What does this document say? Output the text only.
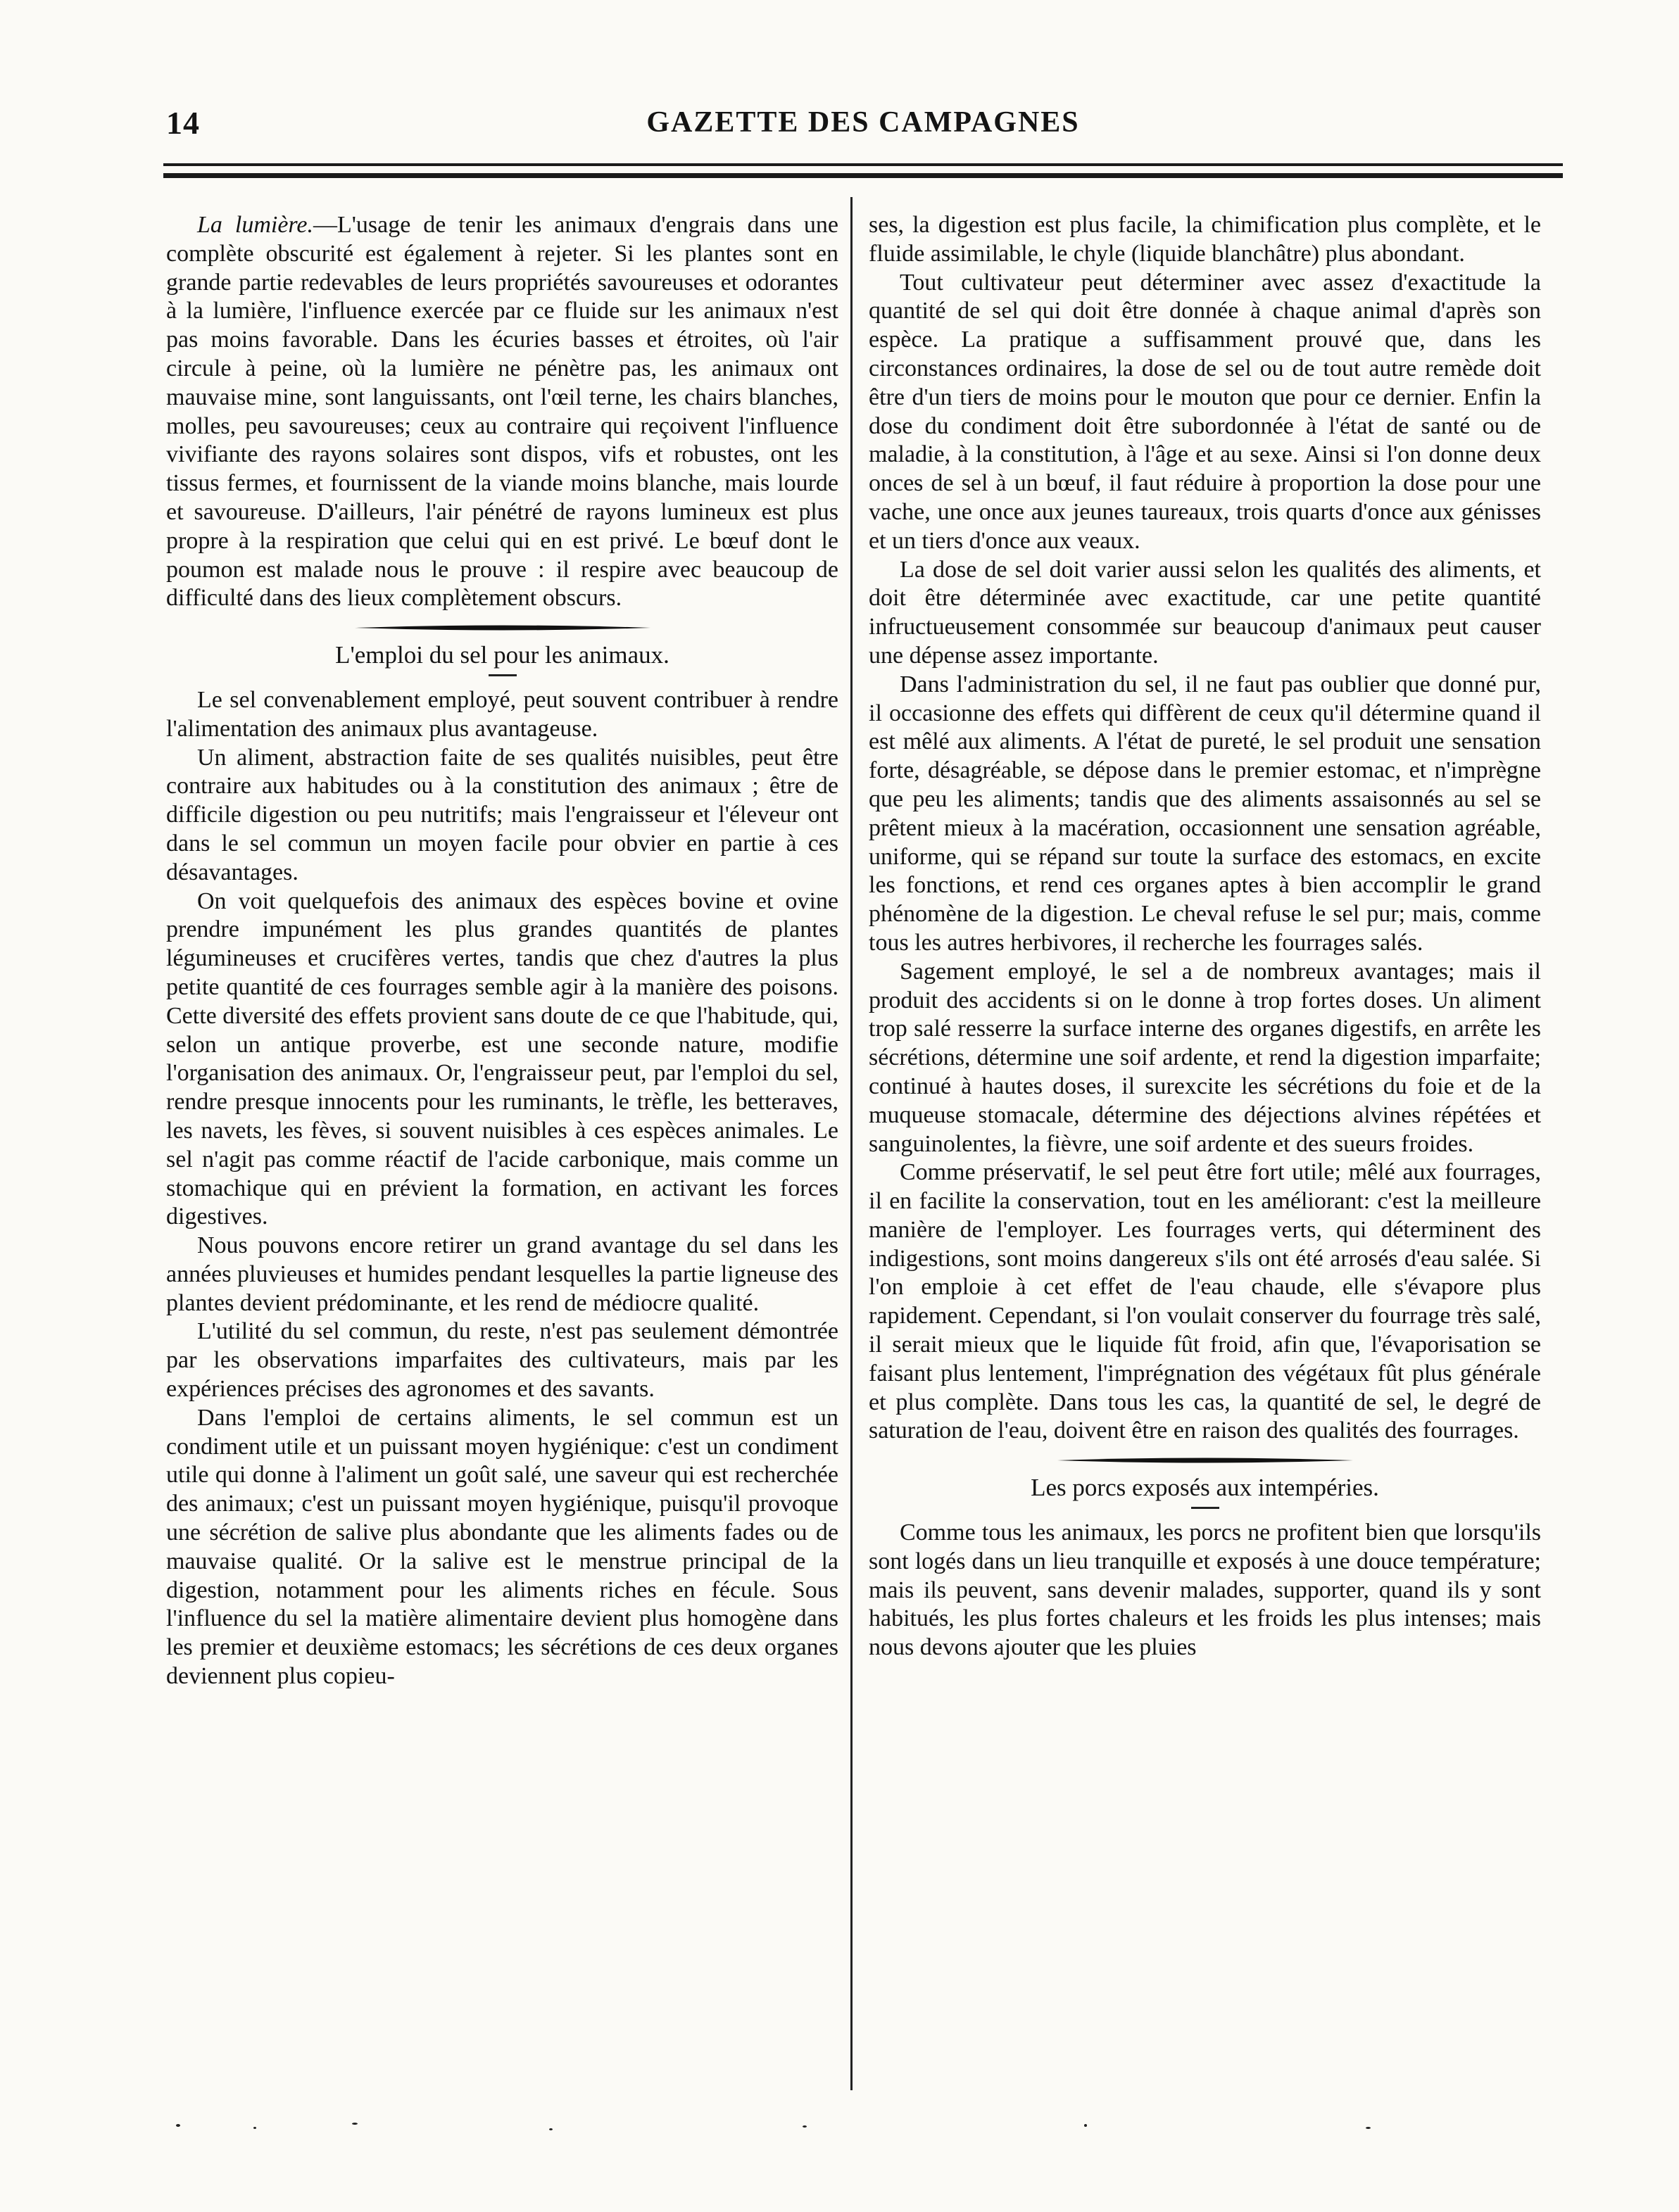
14	GAZETTE DES CAMPAGNES

La lumière.—L'usage de tenir les animaux d'engrais dans une complète obscurité est également à rejeter. Si les plantes sont en grande partie redevables de leurs propriétés savoureuses et odorantes à la lumière, l'influence exercée par ce fluide sur les animaux n'est pas moins favorable. Dans les écuries basses et étroites, où l'air circule à peine, où la lumière ne pénètre pas, les animaux ont mauvaise mine, sont languissants, ont l'œil terne, les chairs blanches, molles, peu savoureuses; ceux au contraire qui reçoivent l'influence vivifiante des rayons solaires sont dispos, vifs et robustes, ont les tissus fermes, et fournissent de la viande moins blanche, mais lourde et savoureuse. D'ailleurs, l'air pénétré de rayons lumineux est plus propre à la respiration que celui qui en est privé. Le bœuf dont le poumon est malade nous le prouve : il respire avec beaucoup de difficulté dans des lieux complètement obscurs.

L'emploi du sel pour les animaux.

Le sel convenablement employé, peut souvent contribuer à rendre l'alimentation des animaux plus avantageuse.

Un aliment, abstraction faite de ses qualités nuisibles, peut être contraire aux habitudes ou à la constitution des animaux ; être de difficile digestion ou peu nutritifs; mais l'engraisseur et l'éleveur ont dans le sel commun un moyen facile pour obvier en partie à ces désavantages.

On voit quelquefois des animaux des espèces bovine et ovine prendre impunément les plus grandes quantités de plantes légumineuses et crucifères vertes, tandis que chez d'autres la plus petite quantité de ces fourrages semble agir à la manière des poisons. Cette diversité des effets provient sans doute de ce que l'habitude, qui, selon un antique proverbe, est une seconde nature, modifie l'organisation des animaux. Or, l'engraisseur peut, par l'emploi du sel, rendre presque innocents pour les ruminants, le trèfle, les betteraves, les navets, les fèves, si souvent nuisibles à ces espèces animales. Le sel n'agit pas comme réactif de l'acide carbonique, mais comme un stomachique qui en prévient la formation, en activant les forces digestives.

Nous pouvons encore retirer un grand avantage du sel dans les années pluvieuses et humides pendant lesquelles la partie ligneuse des plantes devient prédominante, et les rend de médiocre qualité.

L'utilité du sel commun, du reste, n'est pas seulement démontrée par les observations imparfaites des cultivateurs, mais par les expériences précises des agronomes et des savants.

Dans l'emploi de certains aliments, le sel commun est un condiment utile et un puissant moyen hygiénique: c'est un condiment utile qui donne à l'aliment un goût salé, une saveur qui est recherchée des animaux; c'est un puissant moyen hygiénique, puisqu'il provoque une sécrétion de salive plus abondante que les aliments fades ou de mauvaise qualité. Or la salive est le menstrue principal de la digestion, notamment pour les aliments riches en fécule. Sous l'influence du sel la matière alimentaire devient plus homogène dans les premier et deuxième estomacs; les sécrétions de ces deux organes deviennent plus copieu-

ses, la digestion est plus facile, la chimification plus complète, et le fluide assimilable, le chyle (liquide blanchâtre) plus abondant.

Tout cultivateur peut déterminer avec assez d'exactitude la quantité de sel qui doit être donnée à chaque animal d'après son espèce. La pratique a suffisamment prouvé que, dans les circonstances ordinaires, la dose de sel ou de tout autre remède doit être d'un tiers de moins pour le mouton que pour ce dernier. Enfin la dose du condiment doit être subordonnée à l'état de santé ou de maladie, à la constitution, à l'âge et au sexe. Ainsi si l'on donne deux onces de sel à un bœuf, il faut réduire à proportion la dose pour une vache, une once aux jeunes taureaux, trois quarts d'once aux génisses et un tiers d'once aux veaux.

La dose de sel doit varier aussi selon les qualités des aliments, et doit être déterminée avec exactitude, car une petite quantité infructueusement consommée sur beaucoup d'animaux peut causer une dépense assez importante.

Dans l'administration du sel, il ne faut pas oublier que donné pur, il occasionne des effets qui diffèrent de ceux qu'il détermine quand il est mêlé aux aliments. A l'état de pureté, le sel produit une sensation forte, désagréable, se dépose dans le premier estomac, et n'imprègne que peu les aliments; tandis que des aliments assaisonnés au sel se prêtent mieux à la macération, occasionnent une sensation agréable, uniforme, qui se répand sur toute la surface des estomacs, en excite les fonctions, et rend ces organes aptes à bien accomplir le grand phénomène de la digestion. Le cheval refuse le sel pur; mais, comme tous les autres herbivores, il recherche les fourrages salés.

Sagement employé, le sel a de nombreux avantages; mais il produit des accidents si on le donne à trop fortes doses. Un aliment trop salé resserre la surface interne des organes digestifs, en arrête les sécrétions, détermine une soif ardente, et rend la digestion imparfaite; continué à hautes doses, il surexcite les sécrétions du foie et de la muqueuse stomacale, détermine des déjections alvines répétées et sanguinolentes, la fièvre, une soif ardente et des sueurs froides.

Comme préservatif, le sel peut être fort utile; mêlé aux fourrages, il en facilite la conservation, tout en les améliorant: c'est la meilleure manière de l'employer. Les fourrages verts, qui déterminent des indigestions, sont moins dangereux s'ils ont été arrosés d'eau salée. Si l'on emploie à cet effet de l'eau chaude, elle s'évapore plus rapidement. Cependant, si l'on voulait conserver du fourrage très salé, il serait mieux que le liquide fût froid, afin que, l'évaporisation se faisant plus lentement, l'imprégnation des végétaux fût plus générale et plus complète. Dans tous les cas, la quantité de sel, le degré de saturation de l'eau, doivent être en raison des qualités des fourrages.

Les porcs exposés aux intempéries.

Comme tous les animaux, les porcs ne profitent bien que lorsqu'ils sont logés dans un lieu tranquille et exposés à une douce température; mais ils peuvent, sans devenir malades, supporter, quand ils y sont habitués, les plus fortes chaleurs et les froids les plus intenses; mais nous devons ajouter que les pluies
